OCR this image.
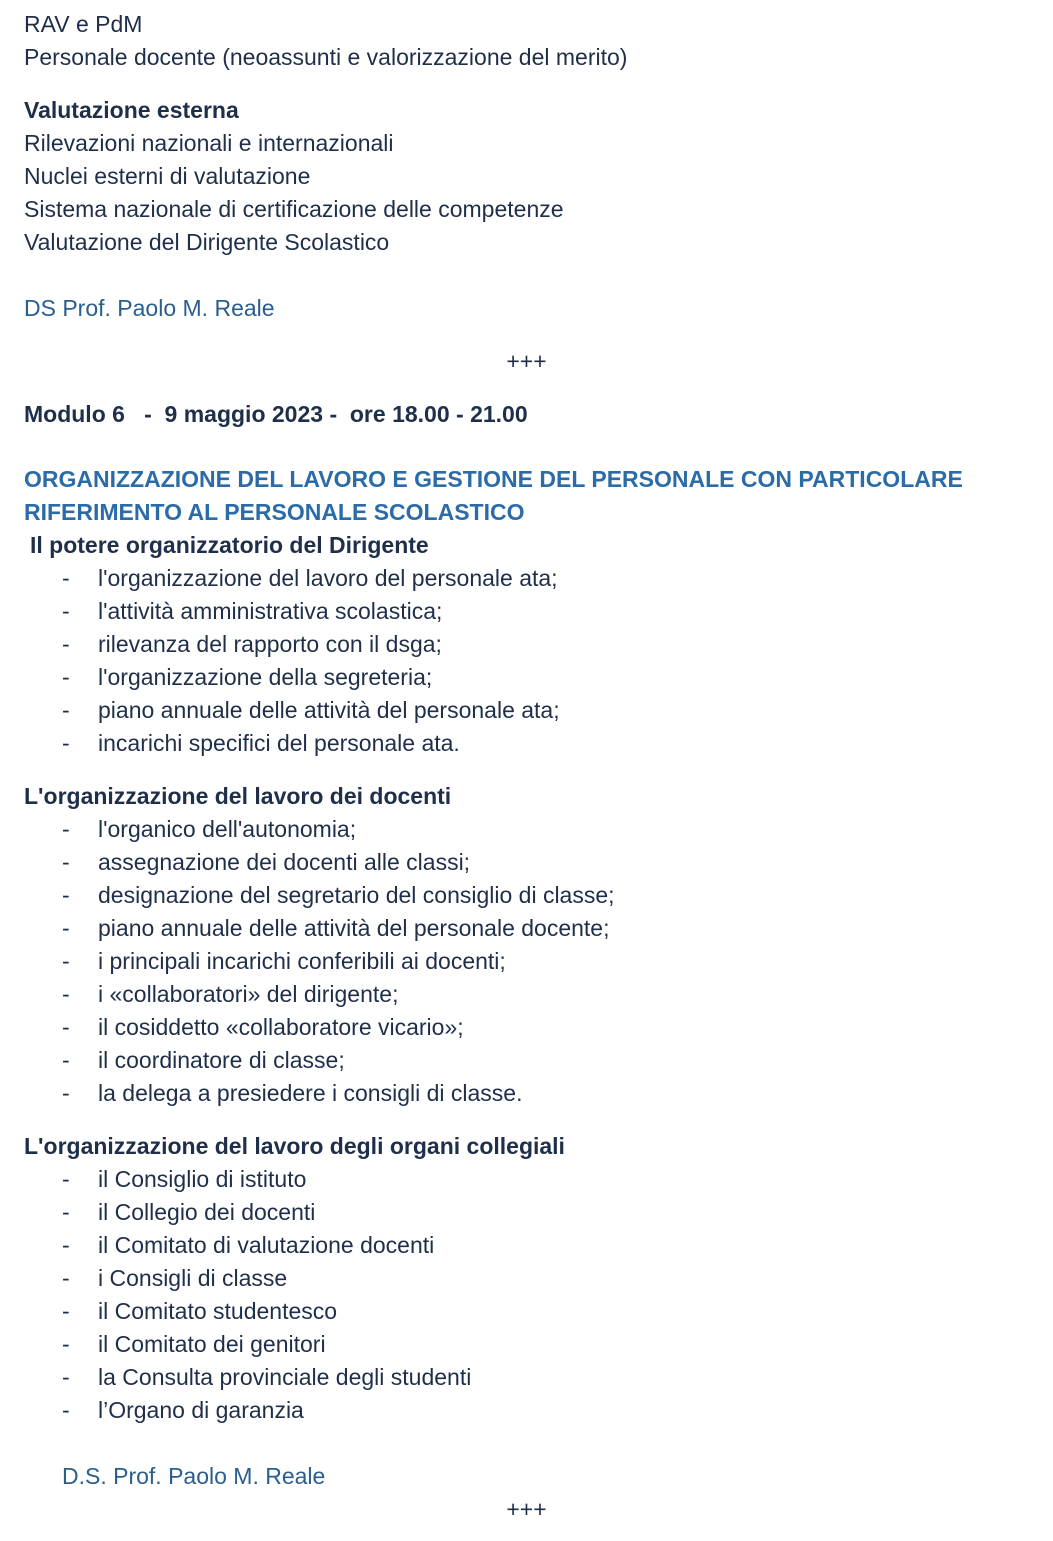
RAV e PdM

Personale docente (neoassunti e valorizzazione del merito)

Valutazione esterna

Rilevazioni nazionali e internazionali

Nuclei esterni di valutazione

Sistema nazionale di certificazione delle competenze

Valutazione del Dirigente Scolastico

DS Prof. Paolo M. Reale

+++

Modulo 6   -  9 maggio 2023 -  ore 18.00 - 21.00

ORGANIZZAZIONE DEL LAVORO E GESTIONE DEL PERSONALE CON PARTICOLARE

RIFERIMENTO AL PERSONALE SCOLASTICO

Il potere organizzatorio del Dirigente

- l'organizzazione del lavoro del personale ata;
- l'attività amministrativa scolastica;
- rilevanza del rapporto con il dsga;
- l'organizzazione della segreteria;
- piano annuale delle attività del personale ata;
- incarichi specifici del personale ata.

L'organizzazione del lavoro dei docenti

- l'organico dell'autonomia;
- assegnazione dei docenti alle classi;
- designazione del segretario del consiglio di classe;
- piano annuale delle attività del personale docente;
- i principali incarichi conferibili ai docenti;
- i «collaboratori» del dirigente;
- il cosiddetto «collaboratore vicario»;
- il coordinatore di classe;
- la delega a presiedere i consigli di classe.

L'organizzazione del lavoro degli organi collegiali

- il Consiglio di istituto
- il Collegio dei docenti
- il Comitato di valutazione docenti
- i Consigli di classe
- il Comitato studentesco
- il Comitato dei genitori
- la Consulta provinciale degli studenti
- l’Organo di garanzia

D.S. Prof. Paolo M. Reale

+++
